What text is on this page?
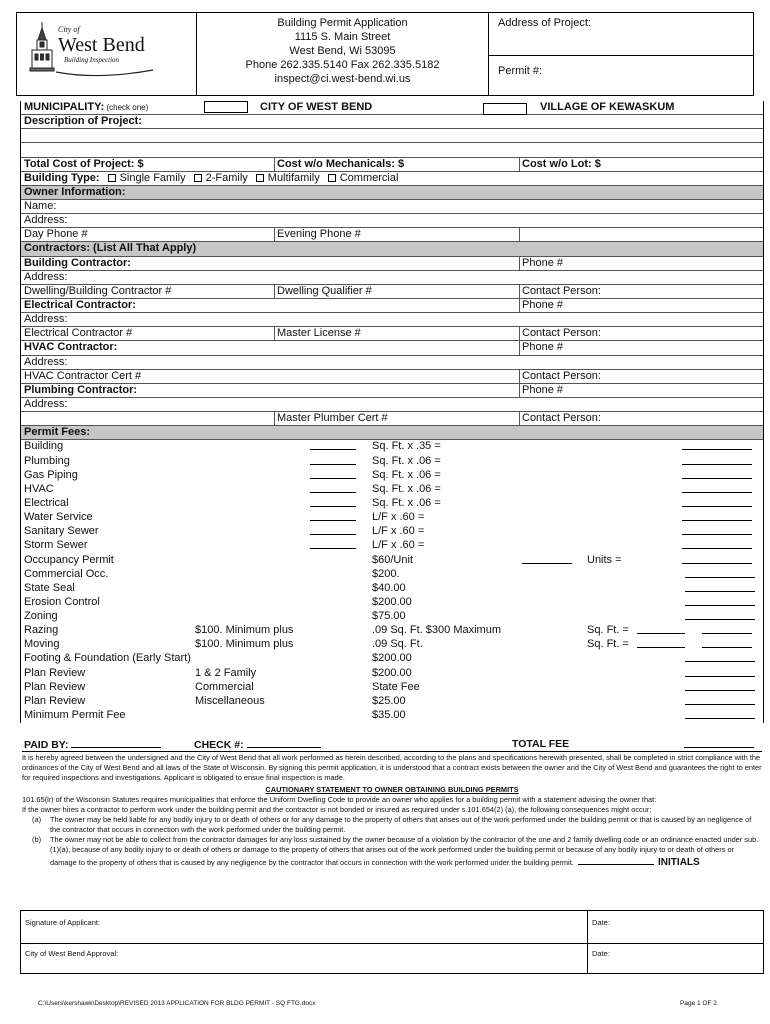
City of
West Bend
Building Inspection
Building Permit Application
1115 S. Main Street
West Bend, Wi 53095
Phone 262.335.5140 Fax 262.335.5182
inspect@ci.west-bend.wi.us
Address of Project:
Permit #:
MUNICIPALITY: (check one)	CITY OF WEST BEND	VILLAGE OF KEWASKUM
Description of Project:
Total Cost of Project: $	Cost w/o Mechanicals: $	Cost w/o Lot: $
Building Type: Single Family 2-Family Multifamily Commercial
Owner Information:
Name:
Address:
Day Phone #	Evening Phone #
Contractors: (List All That Apply)
Building Contractor:	Phone #
Address:
Dwelling/Building Contractor #	Dwelling Qualifier #	Contact Person:
Electrical Contractor:	Phone #
Address:
Electrical Contractor #	Master License #	Contact Person:
HVAC Contractor:	Phone #
Address:
HVAC Contractor Cert #	Contact Person:
Plumbing Contractor:	Phone #
Address:
Master Plumber Cert #	Contact Person:
Permit Fees:
Building	Sq. Ft. x .35 =
Plumbing	Sq. Ft. x .06 =
Gas Piping	Sq. Ft. x .06 =
HVAC	Sq. Ft. x .06 =
Electrical	Sq. Ft. x .06 =
Water Service	L/F x .60 =
Sanitary Sewer	L/F x .60 =
Storm Sewer	L/F x .60 =
Occupancy Permit	$60/Unit	Units =
Commercial Occ.	$200.
State Seal	$40.00
Erosion Control	$200.00
Zoning	$75.00
Razing	$100. Minimum plus	.09 Sq. Ft. $300 Maximum	Sq. Ft. =
Moving	$100. Minimum plus	.09 Sq. Ft.	Sq. Ft. =
Footing & Foundation (Early Start)	$200.00
Plan Review	1 & 2 Family	$200.00
Plan Review	Commercial	State Fee
Plan Review	Miscellaneous	$25.00
Minimum Permit Fee	$35.00
PAID BY:	CHECK #:	TOTAL FEE

It is hereby agreed between the undersigned and the City of West Bend that all work performed as herein described, according to the plans and specifications herewith presented, shall be completed in strict compliance with the ordinances of the City of West Bend and all laws of the State of Wisconsin. By signing this permit application, it is understood that a contract exists between the owner and the City of West Bend and guarantees the right to enter for required inspections and investigations. Applicant is obligated to ensue final inspection is made.

CAUTIONARY STATEMENT TO OWNER OBTAINING BUILDING PERMITS

101.65(lr) of the Wisconsin Statutes requires municipalities that enforce the Uniform Dwelling Code to provide an owner who applies for a building permit with a statement advising the owner that:

If the owner hires a contractor to perform work under the building permit and the contractor is not bonded or insured as required under s.101.654(2) (a), the following consequences might occur:

(a) The owner may be held liable for any bodily injury to or death of others or for any damage to the property of others that arises out of the work performed under the building permit or that is caused by an negligence of the contractor that occurs in connection with the work performed under the building permit.

(b) The owner may not be able to collect from the contractor damages for any loss sustained by the owner because of a violation by the contractor of the one and 2 family dwelling code or an ordinance enacted under sub.(1)(a), because of any bodily injury to or death of others or damage to the property of others that arises out of the work performed under the building permit or because of any bodily injury to or death of others or damage to the property of others that is caused by any negligence by the contractor that occurs in connection with the work performed under the building permit.	INITIALS

Signature of Applicant:	Date:
City of West Bend Approval:	Date:
C:\Users\kershawk\Desktop\REVISED 2013 APPLICATION FOR BLDG PERMIT - SQ FTG.docx	Page 1 OF 2
